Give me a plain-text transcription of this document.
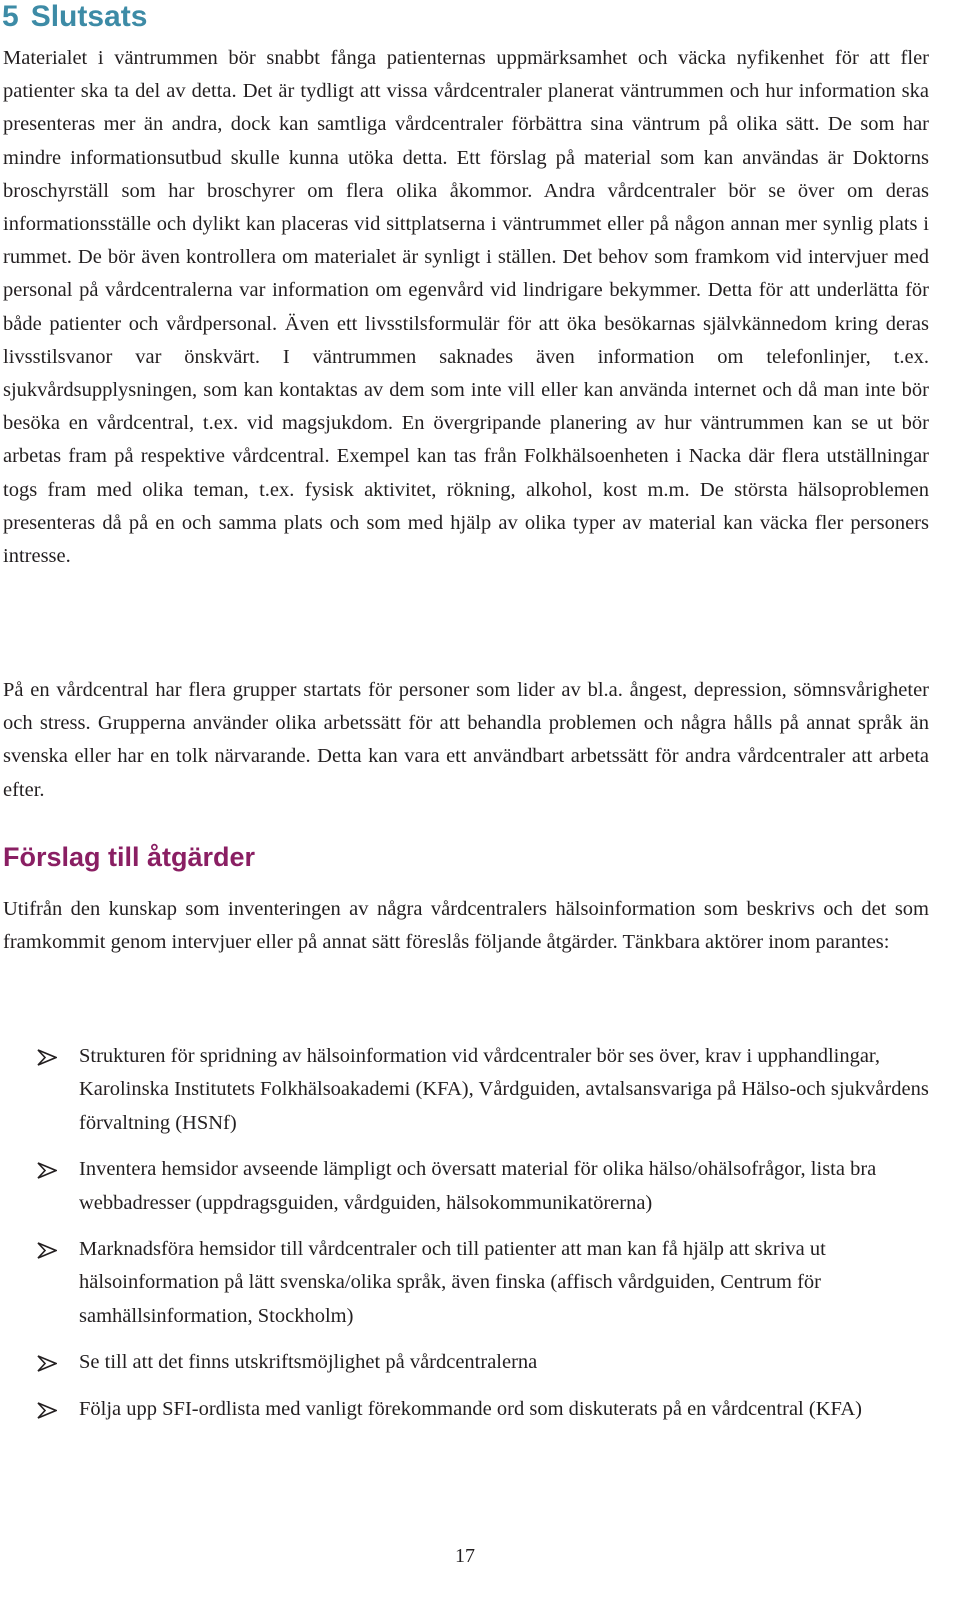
5 Slutsats

Materialet i väntrummen bör snabbt fånga patienternas uppmärksamhet och väcka nyfikenhet för att fler patienter ska ta del av detta. Det är tydligt att vissa vårdcentraler planerat väntrummen och hur information ska presenteras mer än andra, dock kan samtliga vårdcentraler förbättra sina väntrum på olika sätt. De som har mindre informationsutbud skulle kunna utöka detta. Ett förslag på material som kan användas är Doktorns broschyrställ som har broschyrer om flera olika åkommor. Andra vårdcentraler bör se över om deras informationsställe och dylikt kan placeras vid sittplatserna i väntrummet eller på någon annan mer synlig plats i rummet. De bör även kontrollera om materialet är synligt i ställen. Det behov som framkom vid intervjuer med personal på vårdcentralerna var information om egenvård vid lindrigare bekymmer. Detta för att underlätta för både patienter och vårdpersonal. Även ett livsstilsformulär för att öka besökarnas självkännedom kring deras livsstilsvanor var önskvärt. I väntrummen saknades även information om telefonlinjer, t.ex. sjukvårdsupplysningen, som kan kontaktas av dem som inte vill eller kan använda internet och då man inte bör besöka en vårdcentral, t.ex. vid magsjukdom. En övergripande planering av hur väntrummen kan se ut bör arbetas fram på respektive vårdcentral. Exempel kan tas från Folkhälsoenheten i Nacka där flera utställningar togs fram med olika teman, t.ex. fysisk aktivitet, rökning, alkohol, kost m.m. De största hälsoproblemen presenteras då på en och samma plats och som med hjälp av olika typer av material kan väcka fler personers intresse.

På en vårdcentral har flera grupper startats för personer som lider av bl.a. ångest, depression, sömnsvårigheter och stress. Grupperna använder olika arbetssätt för att behandla problemen och några hålls på annat språk än svenska eller har en tolk närvarande. Detta kan vara ett användbart arbetssätt för andra vårdcentraler att arbeta efter.

Förslag till åtgärder

Utifrån den kunskap som inventeringen av några vårdcentralers hälsoinformation som beskrivs och det som framkommit genom intervjuer eller på annat sätt föreslås följande åtgärder. Tänkbara aktörer inom parantes:

Strukturen för spridning av hälsoinformation vid vårdcentraler bör ses över, krav i upphandlingar, Karolinska Institutets Folkhälsoakademi (KFA), Vårdguiden, avtalsansvariga på Hälso-och sjukvårdens förvaltning (HSNf)
Inventera hemsidor avseende lämpligt och översatt material för olika hälso/ohälsofrågor, lista bra webbadresser (uppdragsguiden, vårdguiden, hälsokommunikatörerna)
Marknadsföra hemsidor till vårdcentraler och till patienter att man kan få hjälp att skriva ut hälsoinformation på lätt svenska/olika språk, även finska (affisch vårdguiden, Centrum för samhällsinformation, Stockholm)
Se till att det finns utskriftsmöjlighet på vårdcentralerna
Följa upp SFI-ordlista med vanligt förekommande ord som diskuterats på en vårdcentral (KFA)
17
